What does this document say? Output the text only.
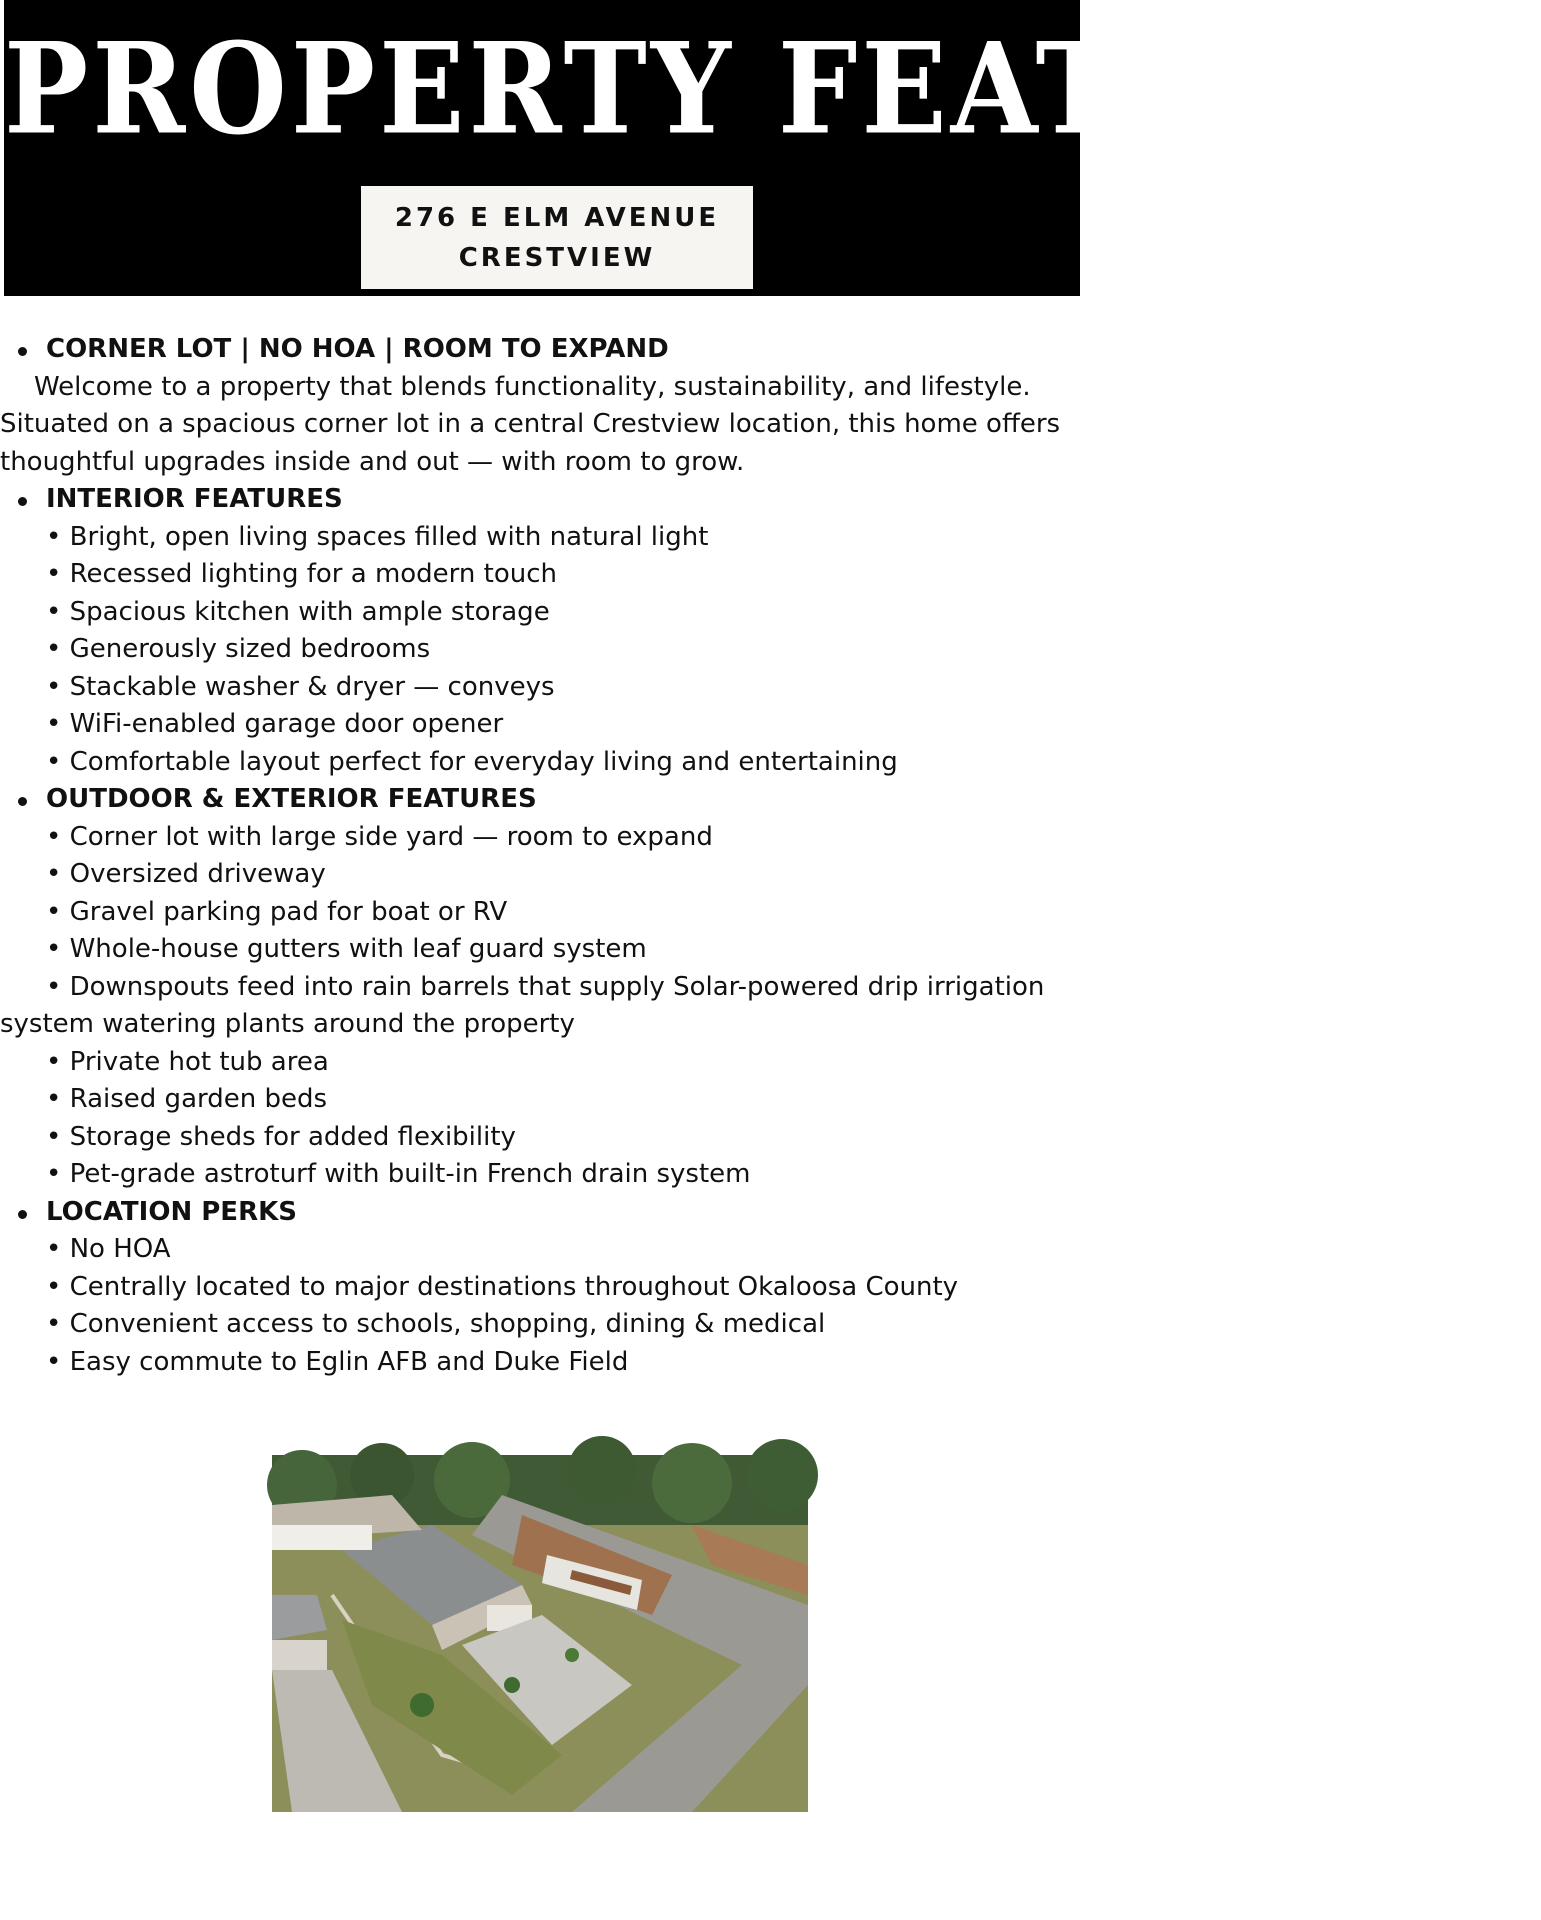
PROPERTY FEATURES:
276 E ELM AVENUE
CRESTVIEW
CORNER LOT | NO HOA | ROOM TO EXPAND
Welcome to a property that blends functionality, sustainability, and lifestyle.
Situated on a spacious corner lot in a central Crestview location, this home offers
thoughtful upgrades inside and out — with room to grow.
INTERIOR FEATURES
• Bright, open living spaces filled with natural light
• Recessed lighting for a modern touch
• Spacious kitchen with ample storage
• Generously sized bedrooms
• Stackable washer & dryer — conveys
• WiFi-enabled garage door opener
• Comfortable layout perfect for everyday living and entertaining
OUTDOOR & EXTERIOR FEATURES
• Corner lot with large side yard — room to expand
• Oversized driveway
• Gravel parking pad for boat or RV
• Whole-house gutters with leaf guard system
• Downspouts feed into rain barrels that supply Solar-powered drip irrigation
system watering plants around the property
• Private hot tub area
• Raised garden beds
• Storage sheds for added flexibility
• Pet-grade astroturf with built-in French drain system
LOCATION PERKS
• No HOA
• Centrally located to major destinations throughout Okaloosa County
• Convenient access to schools, shopping, dining & medical
• Easy commute to Eglin AFB and Duke Field
